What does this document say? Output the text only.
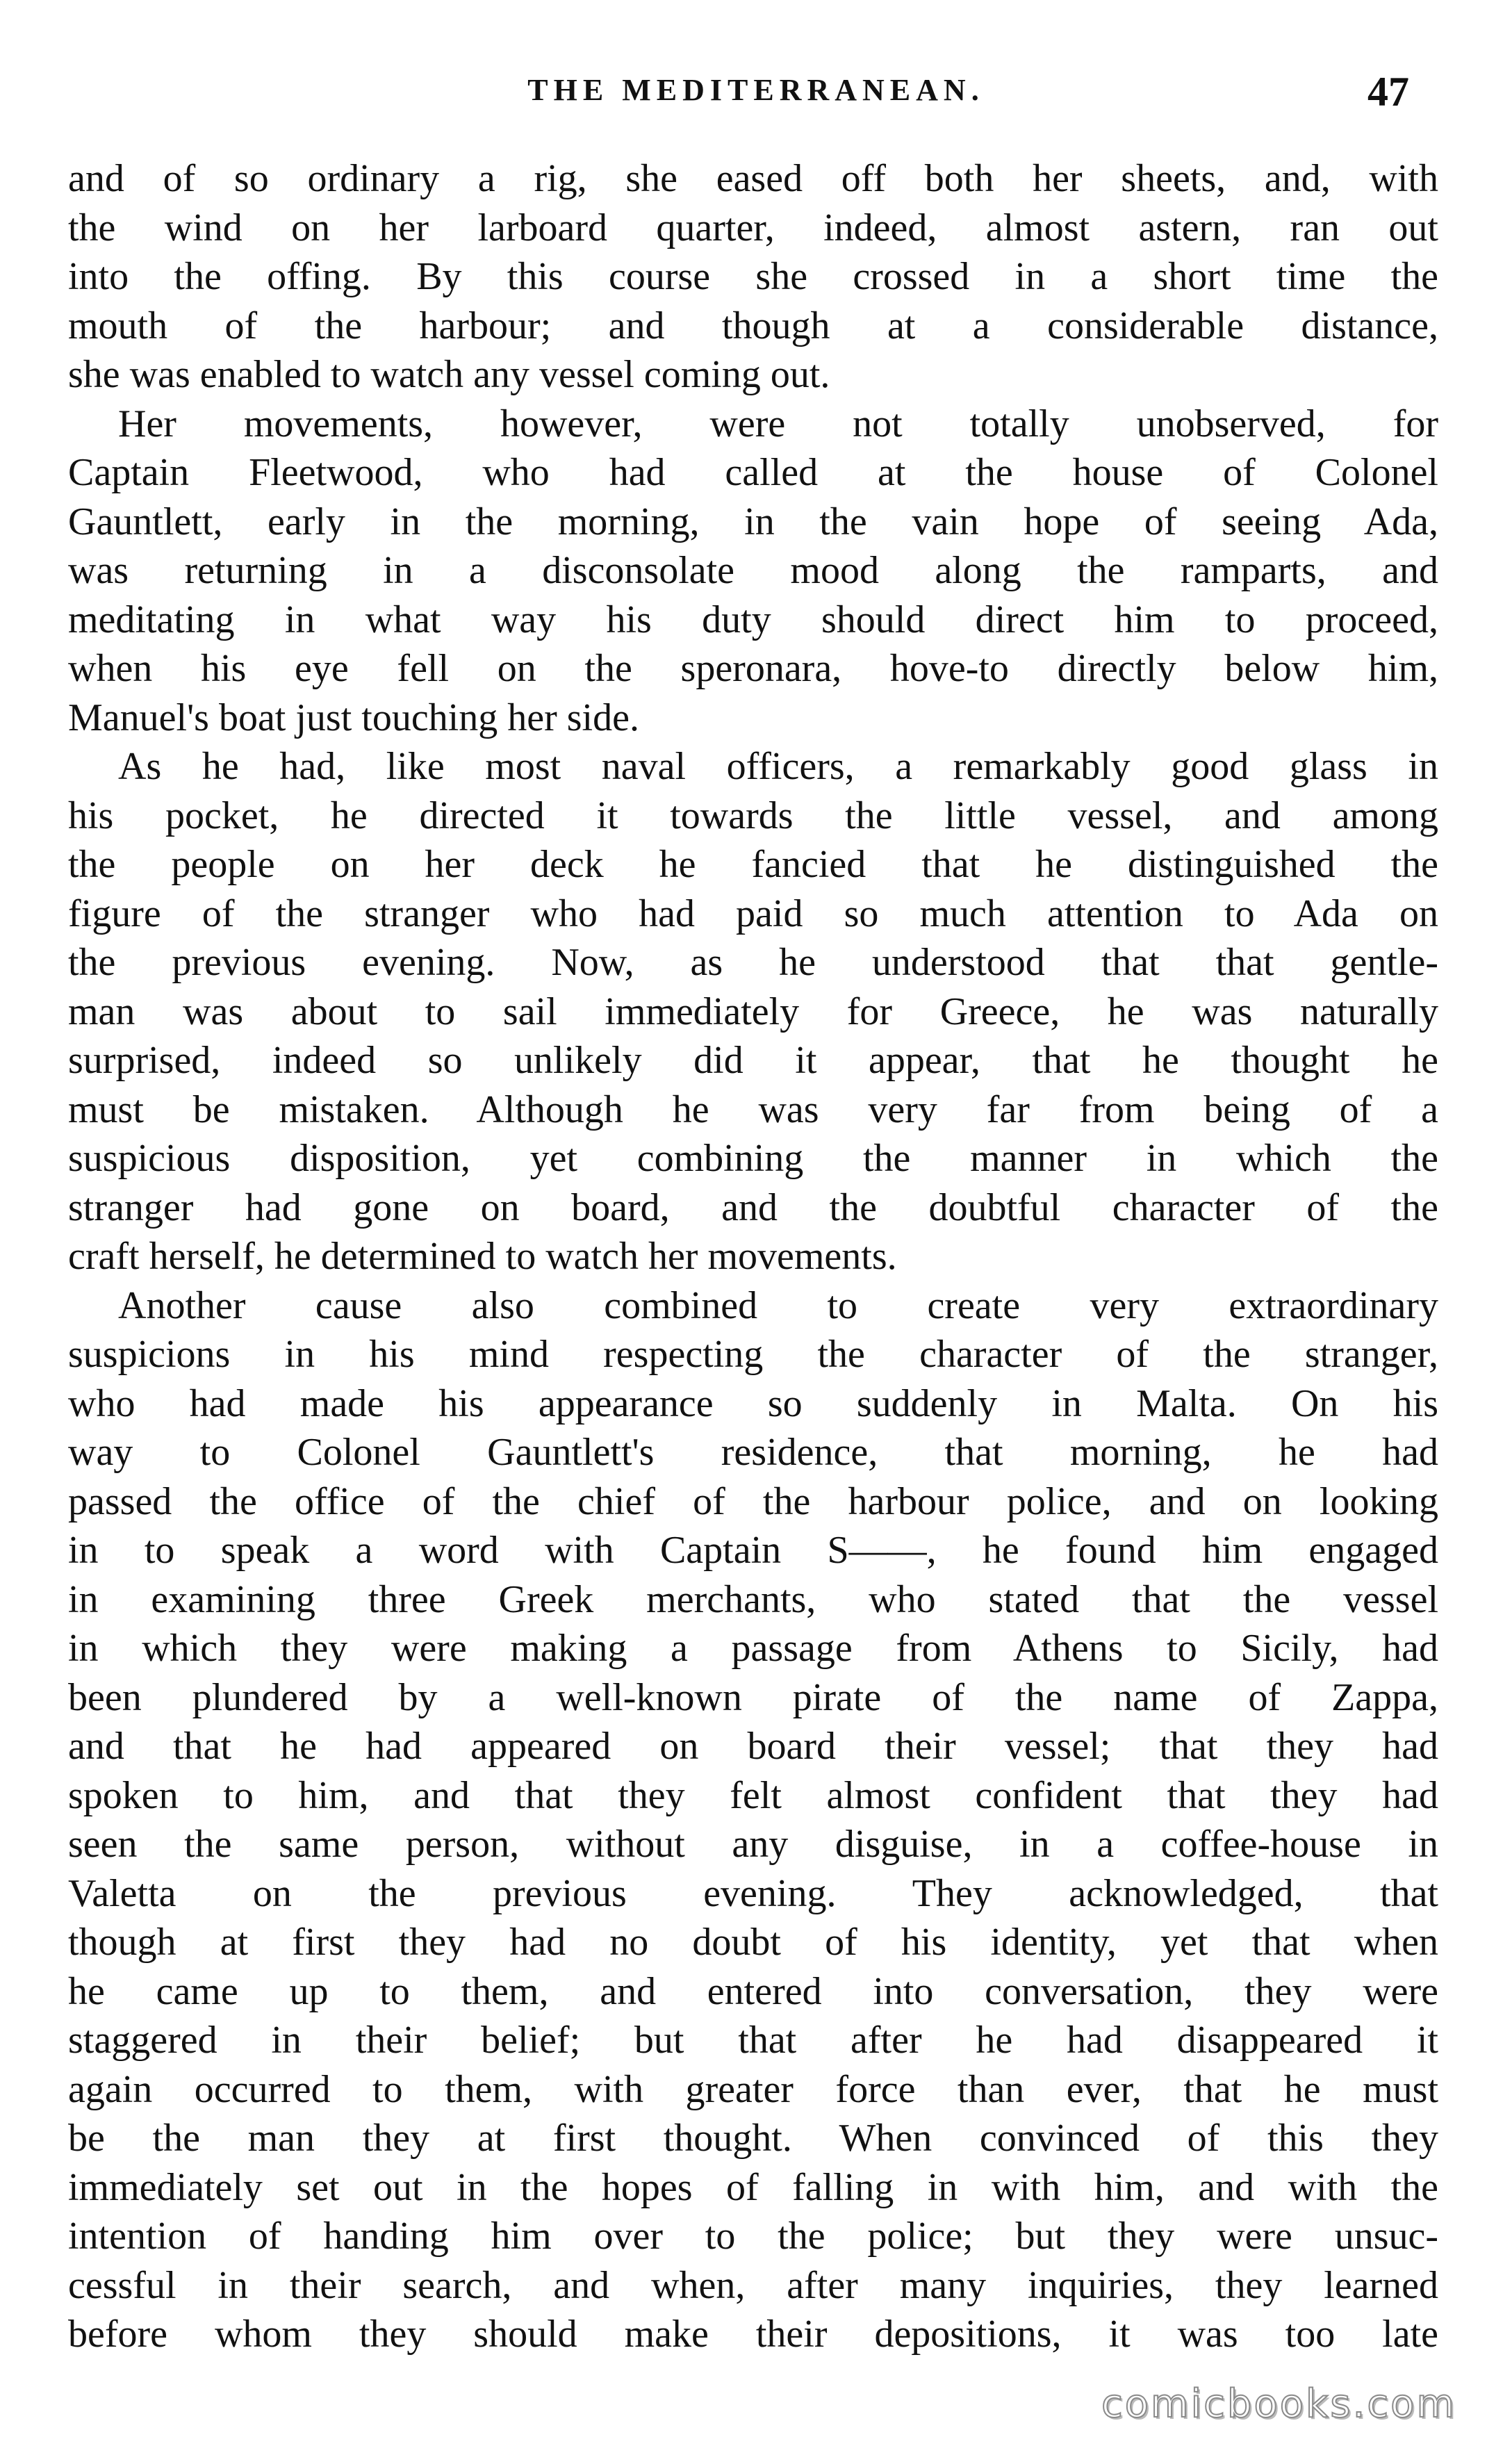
THE MEDITERRANEAN.	47
and of so ordinary a rig, she eased off both her sheets, and, with
the wind on her larboard quarter, indeed, almost astern, ran out
into the offing. By this course she crossed in a short time the
mouth of the harbour; and though at a considerable distance,
she was enabled to watch any vessel coming out.
Her movements, however, were not totally unobserved, for
Captain Fleetwood, who had called at the house of Colonel
Gauntlett, early in the morning, in the vain hope of seeing Ada,
was returning in a disconsolate mood along the ramparts, and
meditating in what way his duty should direct him to proceed,
when his eye fell on the speronara, hove-to directly below him,
Manuel's boat just touching her side.
As he had, like most naval officers, a remarkably good glass in
his pocket, he directed it towards the little vessel, and among
the people on her deck he fancied that he distinguished the
figure of the stranger who had paid so much attention to Ada on
the previous evening. Now, as he understood that that gentle-
man was about to sail immediately for Greece, he was naturally
surprised, indeed so unlikely did it appear, that he thought he
must be mistaken. Although he was very far from being of a
suspicious disposition, yet combining the manner in which the
stranger had gone on board, and the doubtful character of the
craft herself, he determined to watch her movements.
Another cause also combined to create very extraordinary
suspicions in his mind respecting the character of the stranger,
who had made his appearance so suddenly in Malta. On his
way to Colonel Gauntlett's residence, that morning, he had
passed the office of the chief of the harbour police, and on looking
in to speak a word with Captain S——, he found him engaged
in examining three Greek merchants, who stated that the vessel
in which they were making a passage from Athens to Sicily, had
been plundered by a well-known pirate of the name of Zappa,
and that he had appeared on board their vessel; that they had
spoken to him, and that they felt almost confident that they had
seen the same person, without any disguise, in a coffee-house in
Valetta on the previous evening. They acknowledged, that
though at first they had no doubt of his identity, yet that when
he came up to them, and entered into conversation, they were
staggered in their belief; but that after he had disappeared it
again occurred to them, with greater force than ever, that he must
be the man they at first thought. When convinced of this they
immediately set out in the hopes of falling in with him, and with the
intention of handing him over to the police; but they were unsuc-
cessful in their search, and when, after many inquiries, they learned
before whom they should make their depositions, it was too late
comicbooks.com
